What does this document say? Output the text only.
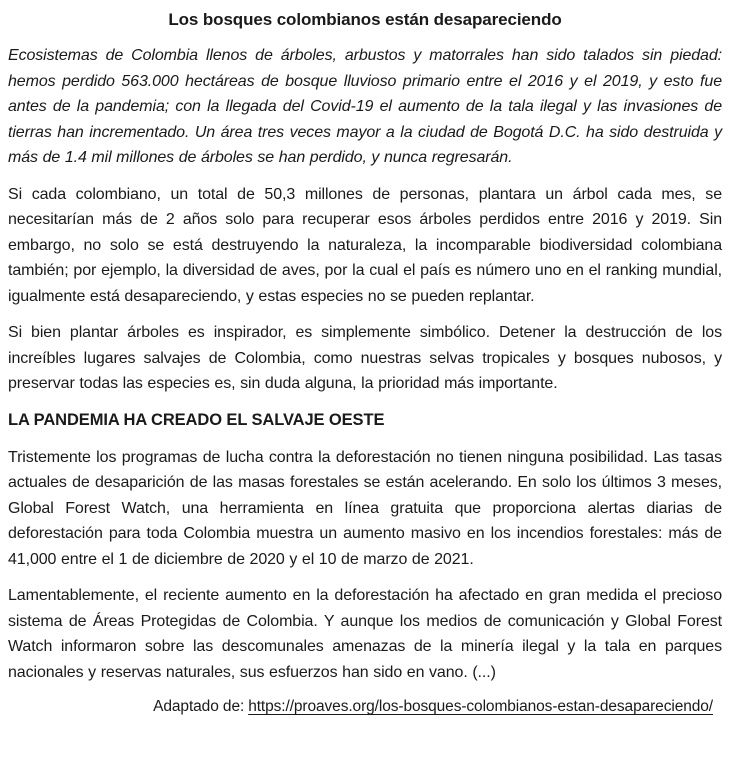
Los bosques colombianos están desapareciendo

Ecosistemas de Colombia llenos de árboles, arbustos y matorrales han sido talados sin piedad: hemos perdido 563.000 hectáreas de bosque lluvioso primario entre el 2016 y el 2019, y esto fue antes de la pandemia; con la llegada del Covid-19 el aumento de la tala ilegal y las invasiones de tierras han incrementado. Un área tres veces mayor a la ciudad de Bogotá D.C. ha sido destruida y más de 1.4 mil millones de árboles se han perdido, y nunca regresarán.

Si cada colombiano, un total de 50,3 millones de personas, plantara un árbol cada mes, se necesitarían más de 2 años solo para recuperar esos árboles perdidos entre 2016 y 2019. Sin embargo, no solo se está destruyendo la naturaleza, la incomparable biodiversidad colombiana también; por ejemplo, la diversidad de aves, por la cual el país es número uno en el ranking mundial, igualmente está desapareciendo, y estas especies no se pueden replantar.

Si bien plantar árboles es inspirador, es simplemente simbólico. Detener la destrucción de los increíbles lugares salvajes de Colombia, como nuestras selvas tropicales y bosques nubosos, y preservar todas las especies es, sin duda alguna, la prioridad más importante.

LA PANDEMIA HA CREADO EL SALVAJE OESTE

Tristemente los programas de lucha contra la deforestación no tienen ninguna posibilidad. Las tasas actuales de desaparición de las masas forestales se están acelerando. En solo los últimos 3 meses, Global Forest Watch, una herramienta en línea gratuita que proporciona alertas diarias de deforestación para toda Colombia muestra un aumento masivo en los incendios forestales: más de 41,000 entre el 1 de diciembre de 2020 y el 10 de marzo de 2021.

Lamentablemente, el reciente aumento en la deforestación ha afectado en gran medida el precioso sistema de Áreas Protegidas de Colombia. Y aunque los medios de comunicación y Global Forest Watch informaron sobre las descomunales amenazas de la minería ilegal y la tala en parques nacionales y reservas naturales, sus esfuerzos han sido en vano. (...)

Adaptado de: https://proaves.org/los-bosques-colombianos-estan-desapareciendo/
